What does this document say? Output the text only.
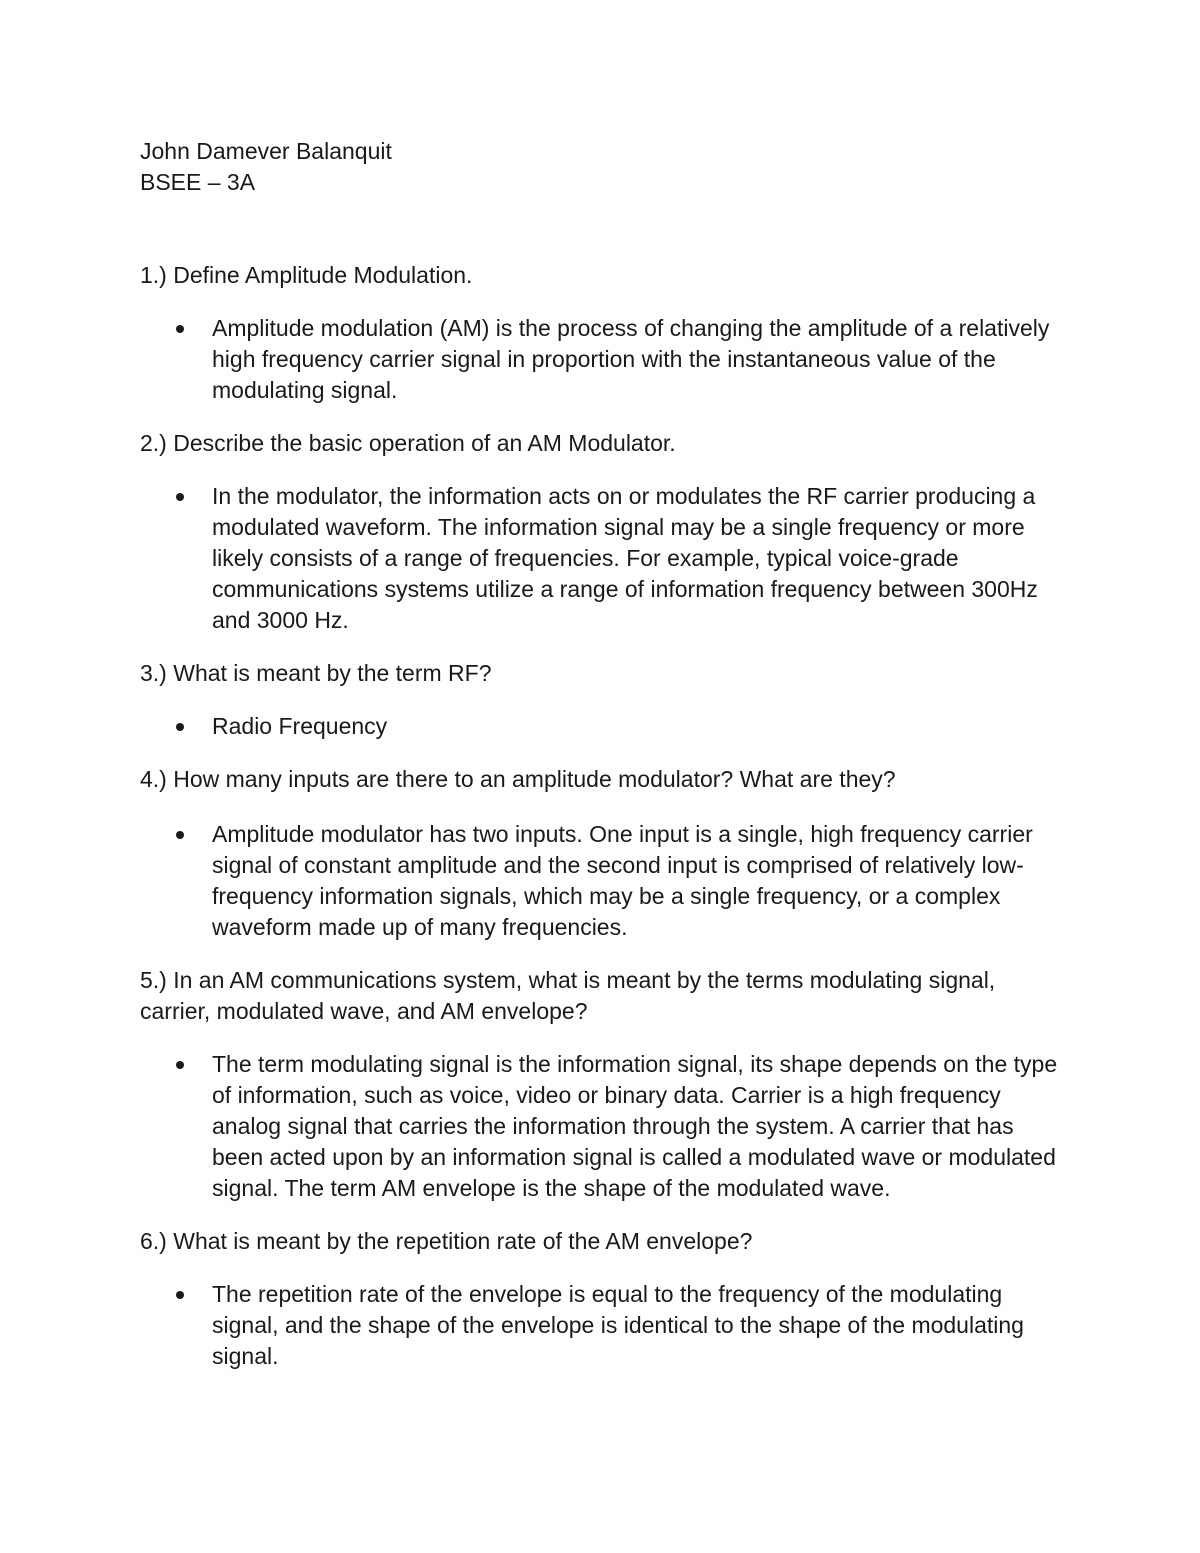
John Damever Balanquit

BSEE – 3A

1.) Define Amplitude Modulation.

Amplitude modulation (AM) is the process of changing the amplitude of a relatively high frequency carrier signal in proportion with the instantaneous value of the modulating signal.

2.) Describe the basic operation of an AM Modulator.

In the modulator, the information acts on or modulates the RF carrier producing a modulated waveform. The information signal may be a single frequency or more likely consists of a range of frequencies. For example, typical voice-grade communications systems utilize a range of information frequency between 300Hz and 3000 Hz.

3.) What is meant by the term RF?

Radio Frequency

4.) How many inputs are there to an amplitude modulator? What are they?

Amplitude modulator has two inputs. One input is a single, high frequency carrier signal of constant amplitude and the second input is comprised of relatively low-frequency information signals, which may be a single frequency, or a complex waveform made up of many frequencies.

5.) In an AM communications system, what is meant by the terms modulating signal, carrier, modulated wave, and AM envelope?

The term modulating signal is the information signal, its shape depends on the type of information, such as voice, video or binary data. Carrier is a high frequency analog signal that carries the information through the system. A carrier that has been acted upon by an information signal is called a modulated wave or modulated signal. The term AM envelope is the shape of the modulated wave.

6.) What is meant by the repetition rate of the AM envelope?

The repetition rate of the envelope is equal to the frequency of the modulating signal, and the shape of the envelope is identical to the shape of the modulating signal.
